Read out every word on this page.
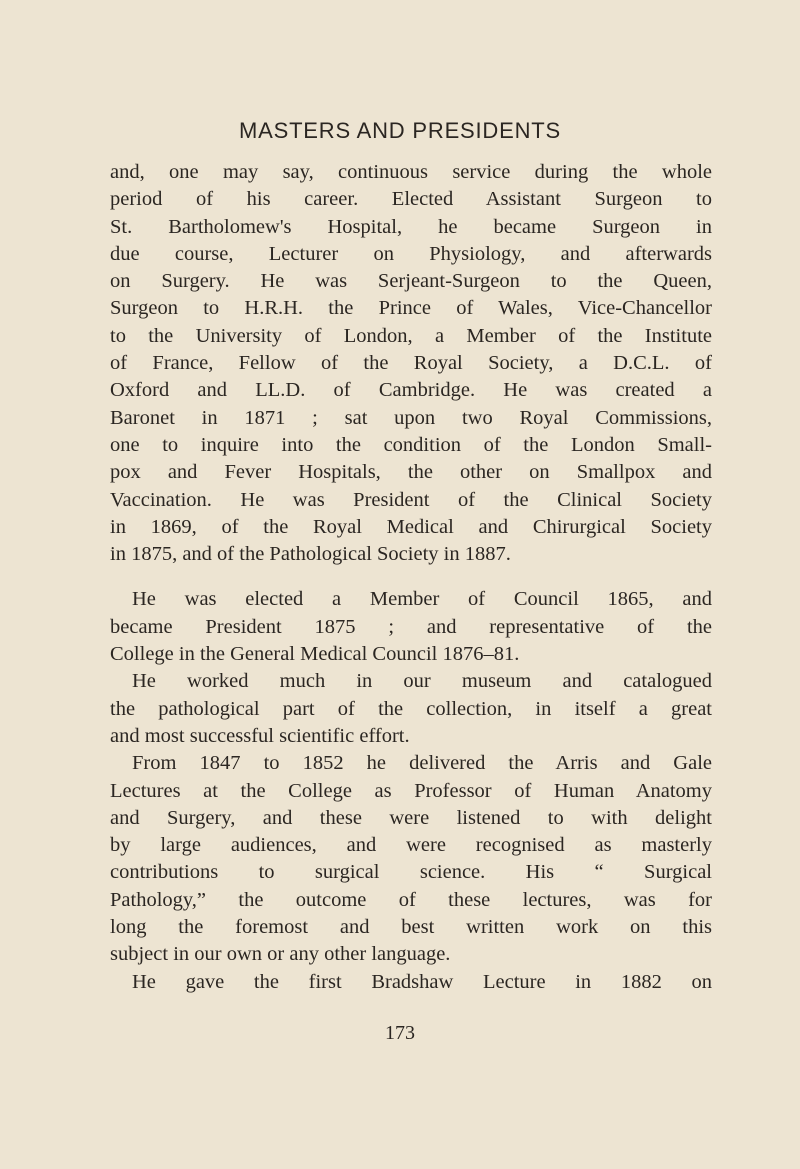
MASTERS AND PRESIDENTS
and, one may say, continuous service during the whole
period of his career. Elected Assistant Surgeon to
St. Bartholomew's Hospital, he became Surgeon in
due course, Lecturer on Physiology, and afterwards
on Surgery. He was Serjeant-Surgeon to the Queen,
Surgeon to H.R.H. the Prince of Wales, Vice-Chancellor
to the University of London, a Member of the Institute
of France, Fellow of the Royal Society, a D.C.L. of
Oxford and LL.D. of Cambridge. He was created a
Baronet in 1871 ; sat upon two Royal Commissions,
one to inquire into the condition of the London Small-
pox and Fever Hospitals, the other on Smallpox and
Vaccination. He was President of the Clinical Society
in 1869, of the Royal Medical and Chirurgical Society
in 1875, and of the Pathological Society in 1887.
He was elected a Member of Council 1865, and
became President 1875 ; and representative of the
College in the General Medical Council 1876–81.
He worked much in our museum and catalogued
the pathological part of the collection, in itself a great
and most successful scientific effort.
From 1847 to 1852 he delivered the Arris and Gale
Lectures at the College as Professor of Human Anatomy
and Surgery, and these were listened to with delight
by large audiences, and were recognised as masterly
contributions to surgical science. His “ Surgical
Pathology,” the outcome of these lectures, was for
long the foremost and best written work on this
subject in our own or any other language.
He gave the first Bradshaw Lecture in 1882 on
173
